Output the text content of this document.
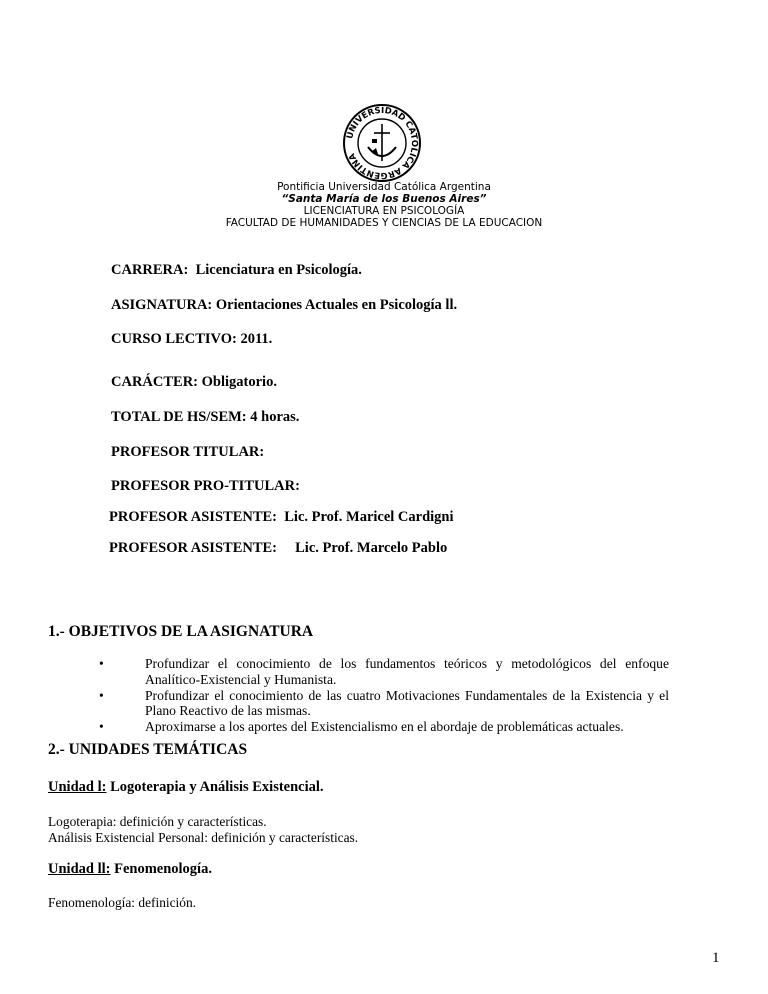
UNIVERSIDAD CATOLICA ARGENTINA
Pontificia Universidad Católica Argentina
“Santa María de los Buenos Aires”
LICENCIATURA EN PSICOLOGÍA
FACULTAD DE HUMANIDADES Y CIENCIAS DE LA EDUCACION
CARRERA: Licenciatura en Psicología.
ASIGNATURA: Orientaciones Actuales en Psicología ll.
CURSO LECTIVO: 2011.
CARÁCTER: Obligatorio.
TOTAL DE HS/SEM: 4 horas.
PROFESOR TITULAR:
PROFESOR PRO-TITULAR:
PROFESOR ASISTENTE: Lic. Prof. Maricel Cardigni
PROFESOR ASISTENTE: Lic. Prof. Marcelo Pablo
1.- OBJETIVOS DE LA ASIGNATURA
•	Profundizar el conocimiento de los fundamentos teóricos y metodológicos del enfoque Analítico-Existencial y Humanista.
•	Profundizar el conocimiento de las cuatro Motivaciones Fundamentales de la Existencia y el Plano Reactivo de las mismas.
•	Aproximarse a los aportes del Existencialismo en el abordaje de problemáticas actuales.
2.- UNIDADES TEMÁTICAS
Unidad l: Logoterapia y Análisis Existencial.
Logoterapia: definición y características.
Análisis Existencial Personal: definición y características.
Unidad ll: Fenomenología.
Fenomenología: definición.
1
